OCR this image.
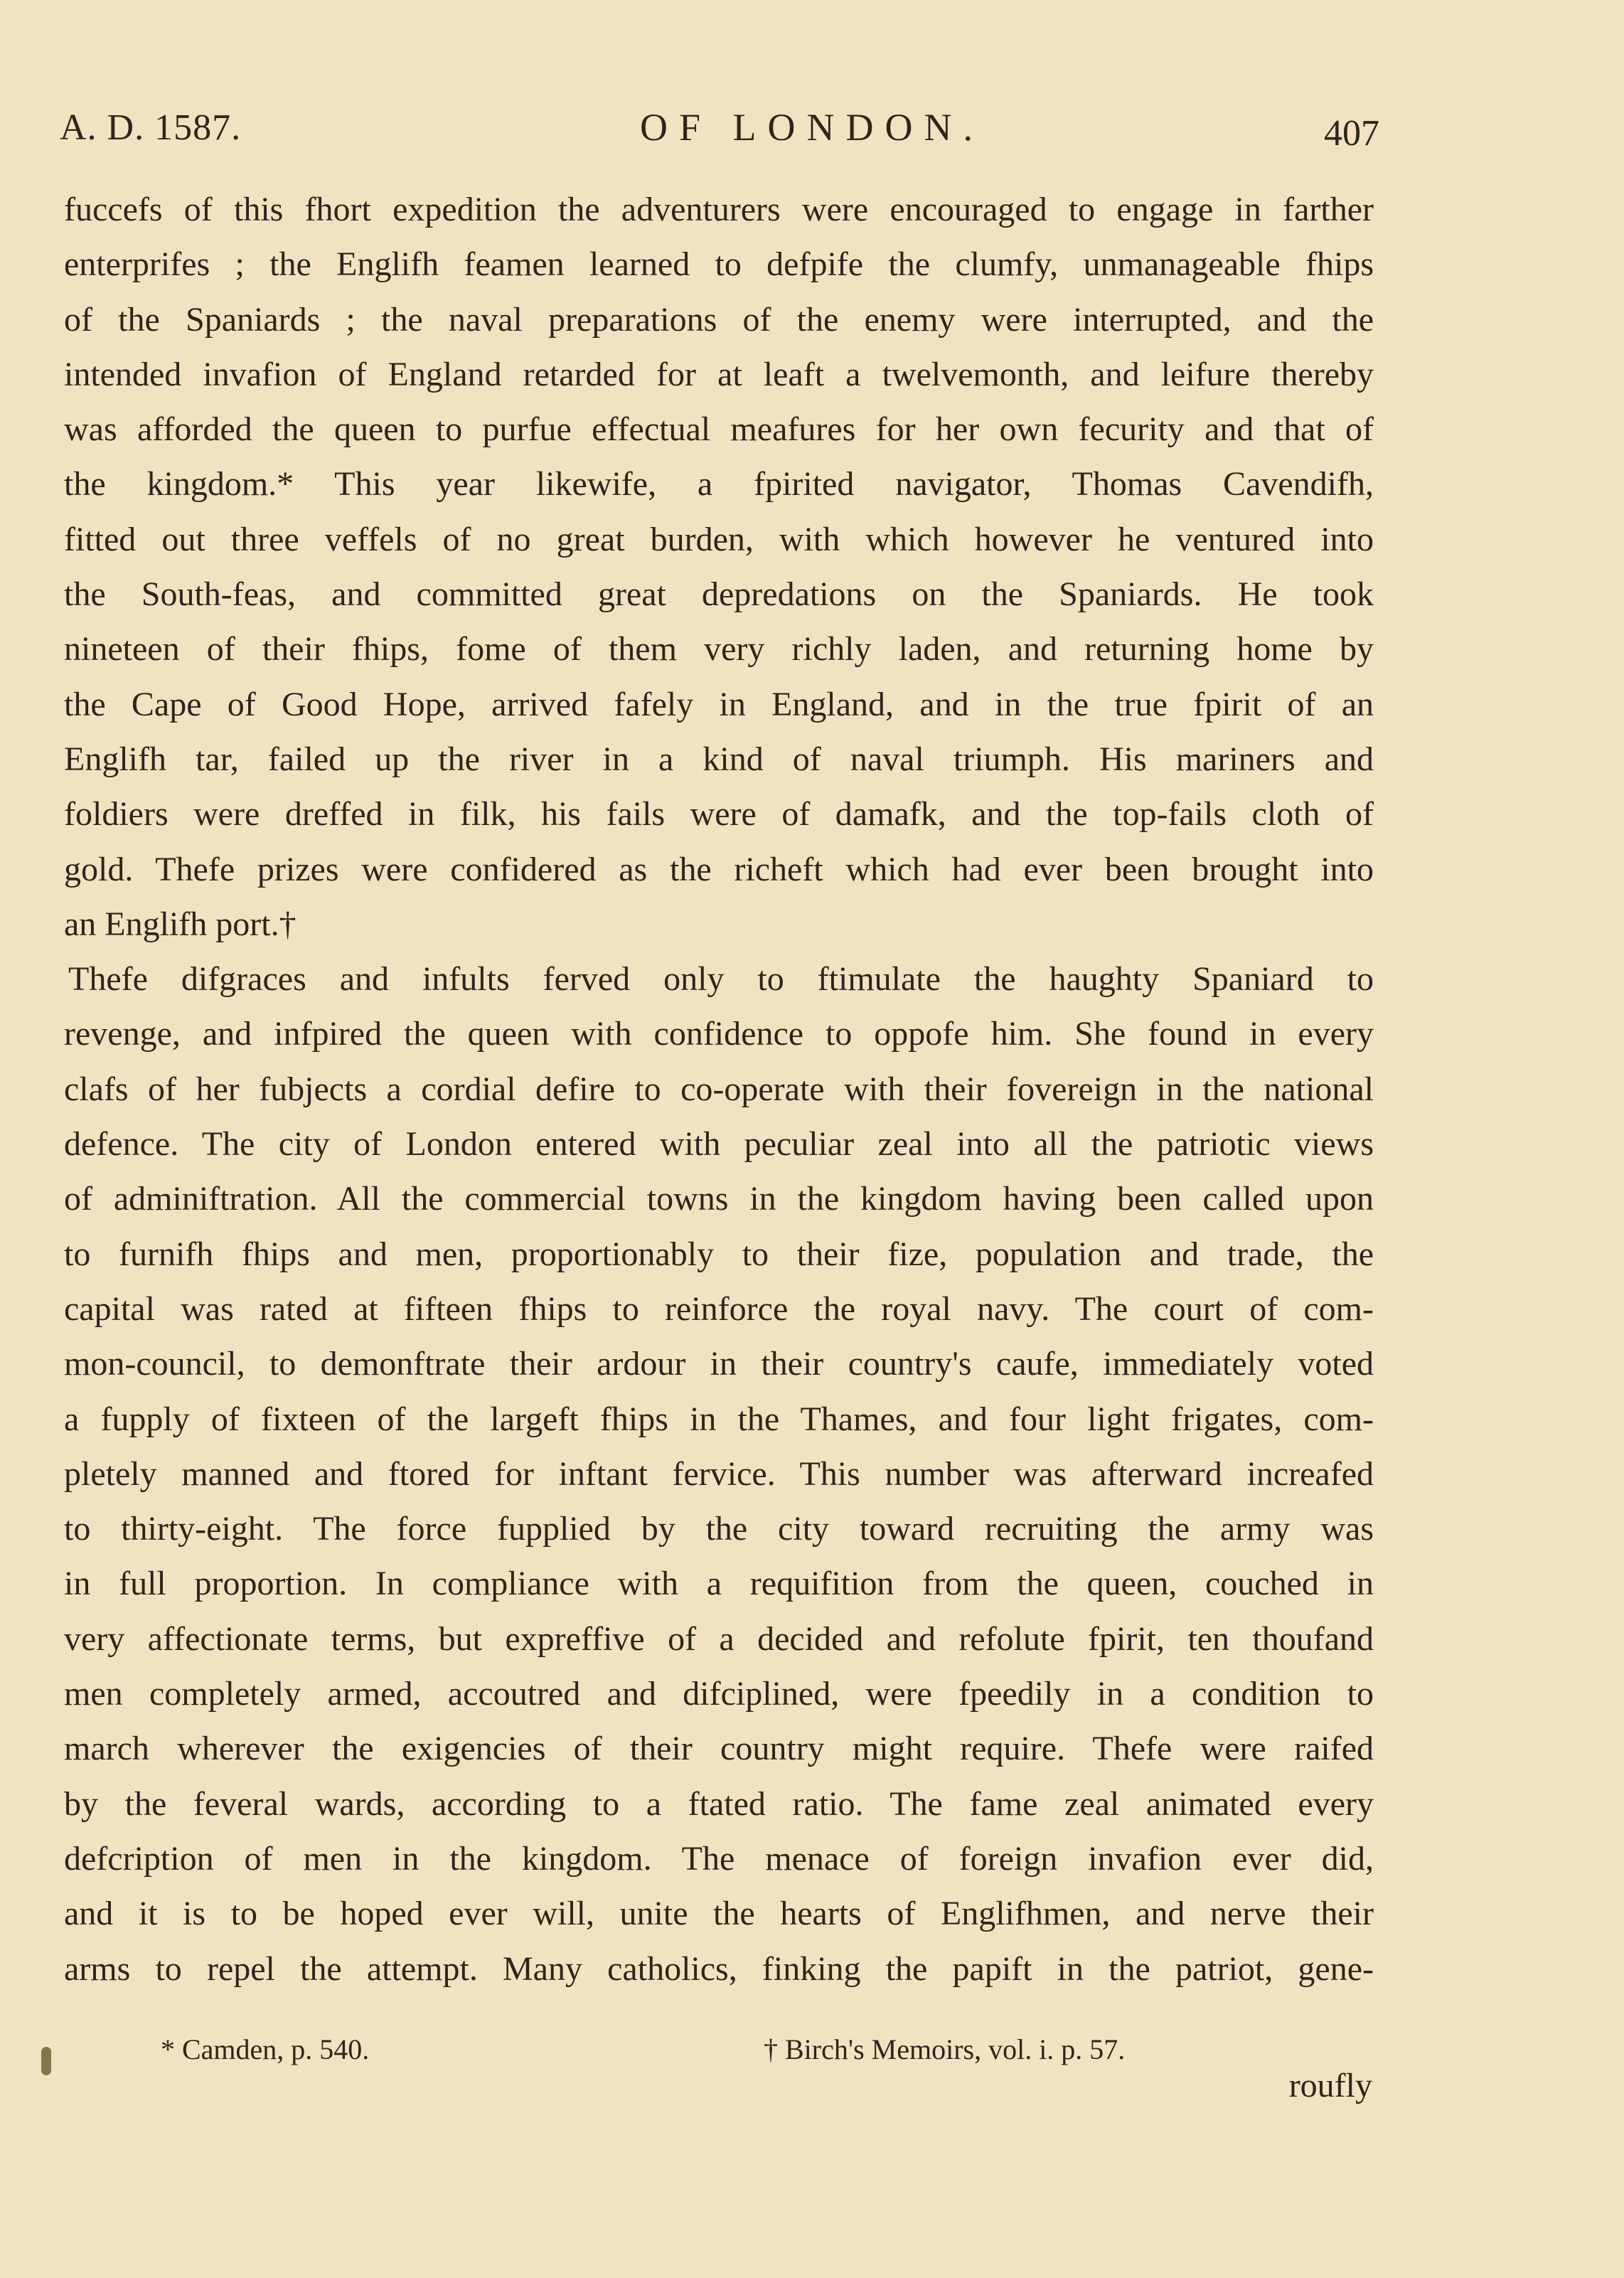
A. D. 1587.	OF LONDON.	407
fuccefs of this fhort expedition the adventurers were encouraged to engage in farther
enterprifes ; the Englifh feamen learned to defpife the clumfy, unmanageable fhips
of the Spaniards ; the naval preparations of the enemy were interrupted, and the
intended invafion of England retarded for at leaft a twelvemonth, and leifure thereby
was afforded the queen to purfue effectual meafures for her own fecurity and that of
the kingdom.* This year likewife, a fpirited navigator, Thomas Cavendifh,
fitted out three veffels of no great burden, with which however he ventured into
the South-feas, and committed great depredations on the Spaniards. He took
nineteen of their fhips, fome of them very richly laden, and returning home by
the Cape of Good Hope, arrived fafely in England, and in the true fpirit of an
Englifh tar, failed up the river in a kind of naval triumph. His mariners and
foldiers were dreffed in filk, his fails were of damafk, and the top-fails cloth of
gold. Thefe prizes were confidered as the richeft which had ever been brought into
an Englifh port.†
Thefe difgraces and infults ferved only to ftimulate the haughty Spaniard to
revenge, and infpired the queen with confidence to oppofe him. She found in every
clafs of her fubjects a cordial defire to co-operate with their fovereign in the national
defence. The city of London entered with peculiar zeal into all the patriotic views
of adminiftration. All the commercial towns in the kingdom having been called upon
to furnifh fhips and men, proportionably to their fize, population and trade, the
capital was rated at fifteen fhips to reinforce the royal navy. The court of com-
mon-council, to demonftrate their ardour in their country's caufe, immediately voted
a fupply of fixteen of the largeft fhips in the Thames, and four light frigates, com-
pletely manned and ftored for inftant fervice. This number was afterward increafed
to thirty-eight. The force fupplied by the city toward recruiting the army was
in full proportion. In compliance with a requifition from the queen, couched in
very affectionate terms, but expreffive of a decided and refolute fpirit, ten thoufand
men completely armed, accoutred and difciplined, were fpeedily in a condition to
march wherever the exigencies of their country might require. Thefe were raifed
by the feveral wards, according to a ftated ratio. The fame zeal animated every
defcription of men in the kingdom. The menace of foreign invafion ever did,
and it is to be hoped ever will, unite the hearts of Englifhmen, and nerve their
arms to repel the attempt. Many catholics, finking the papift in the patriot, gene-
* Camden, p. 540.	† Birch's Memoirs, vol. i. p. 57.
roufly
